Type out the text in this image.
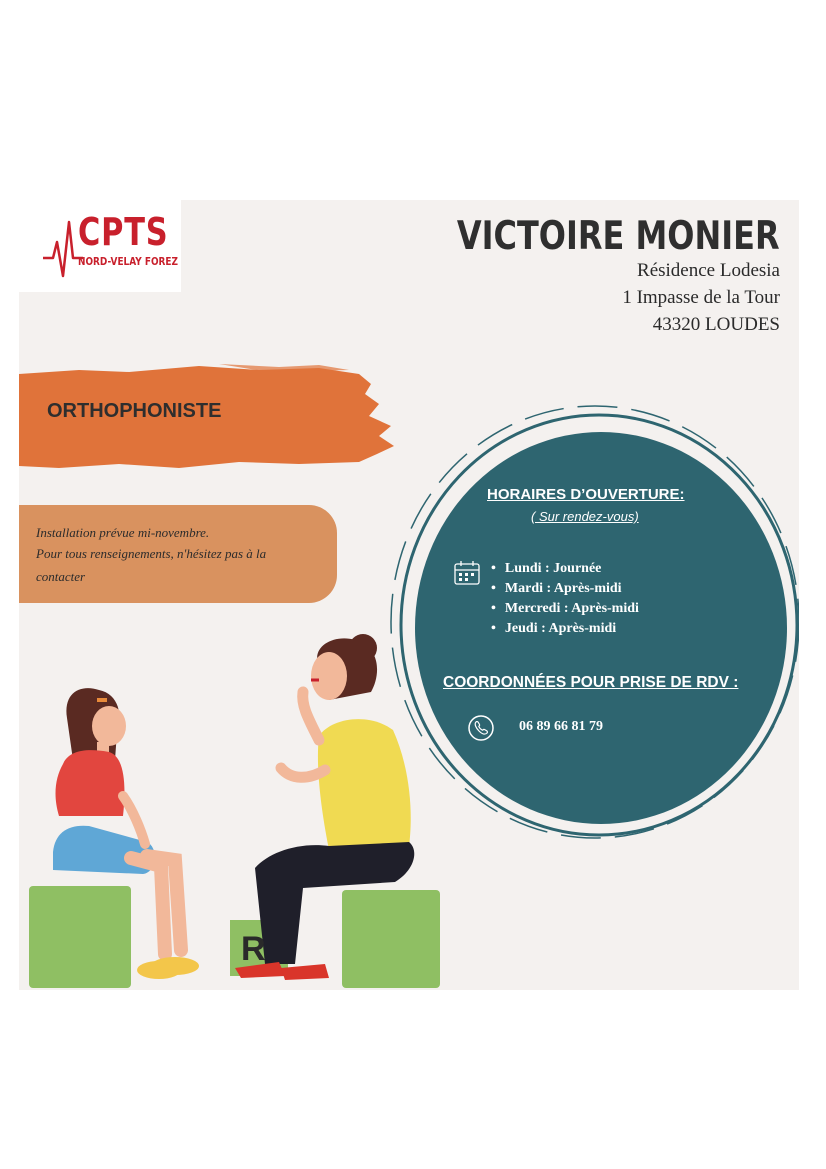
CPTS
NORD-VELAY FOREZ
VICTOIRE MONIER
Résidence Lodesia
1 Impasse de la Tour
43320 LOUDES
ORTHOPHONISTE
Installation prévue mi-novembre.
Pour tous renseignements, n'hésitez pas à la
contacter
HORAIRES D’OUVERTURE:
( Sur rendez-vous)
• Lundi : Journée
• Mardi : Après-midi
• Mercredi : Après-midi
• Jeudi : Après-midi
COORDONNÉES POUR PRISE DE RDV :
06 89 66 81 79
R
